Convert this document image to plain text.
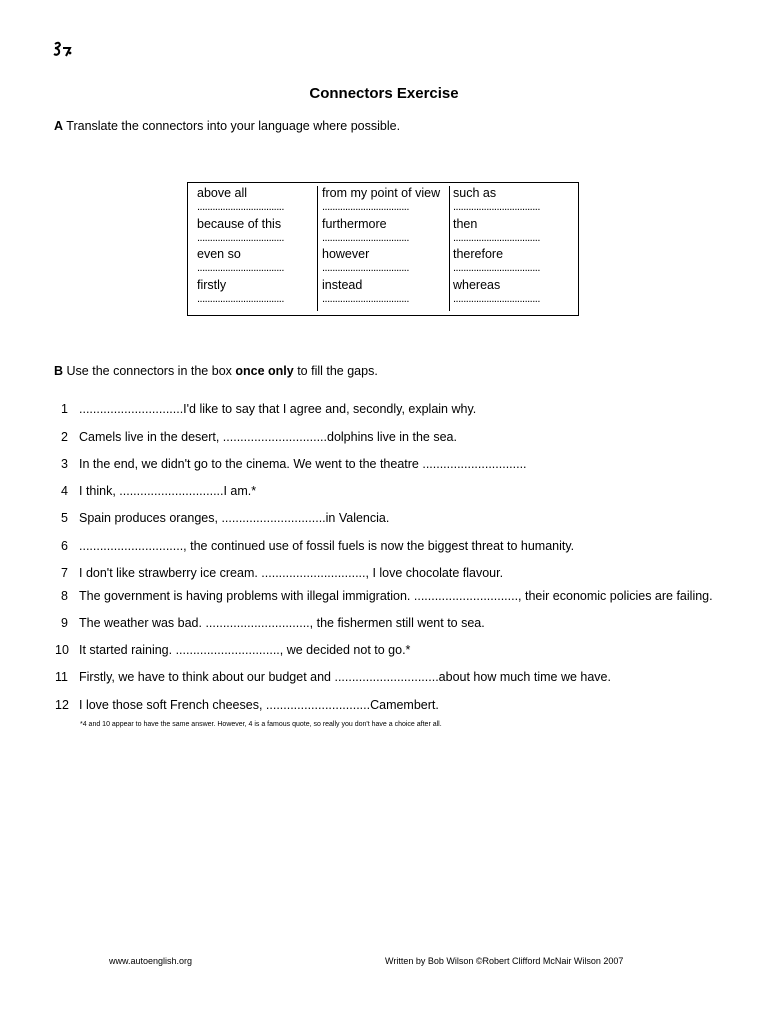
Connectors Exercise
A Translate the connectors into your language where possible.
above all
..................................
because of this
..................................
even so
..................................
firstly
..................................
from my point of view
..................................
furthermore
..................................
however
..................................
instead
..................................
such as
..................................
then
..................................
therefore
..................................
whereas
..................................
B Use the connectors in the box once only to fill the gaps.
1 ..............................I'd like to say that I agree and, secondly, explain why.
2 Camels live in the desert, ..............................dolphins live in the sea.
3 In the end, we didn't go to the cinema. We went to the theatre ..............................
4 I think, ..............................I am.*
5 Spain produces oranges, ..............................in Valencia.
6 .............................., the continued use of fossil fuels is now the biggest threat to humanity.
7 I don't like strawberry ice cream. .............................., I love chocolate flavour.
8 The government is having problems with illegal immigration. .............................., their economic policies are failing.
9 The weather was bad. .............................., the fishermen still went to sea.
10 It started raining. .............................., we decided not to go.*
11 Firstly, we have to think about our budget and ..............................about how much time we have.
12 I love those soft French cheeses, ..............................Camembert.
*4 and 10 appear to have the same answer. However, 4 is a famous quote, so really you don't have a choice after all.
www.autoenglish.org	Written by Bob Wilson ©Robert Clifford McNair Wilson 2007
